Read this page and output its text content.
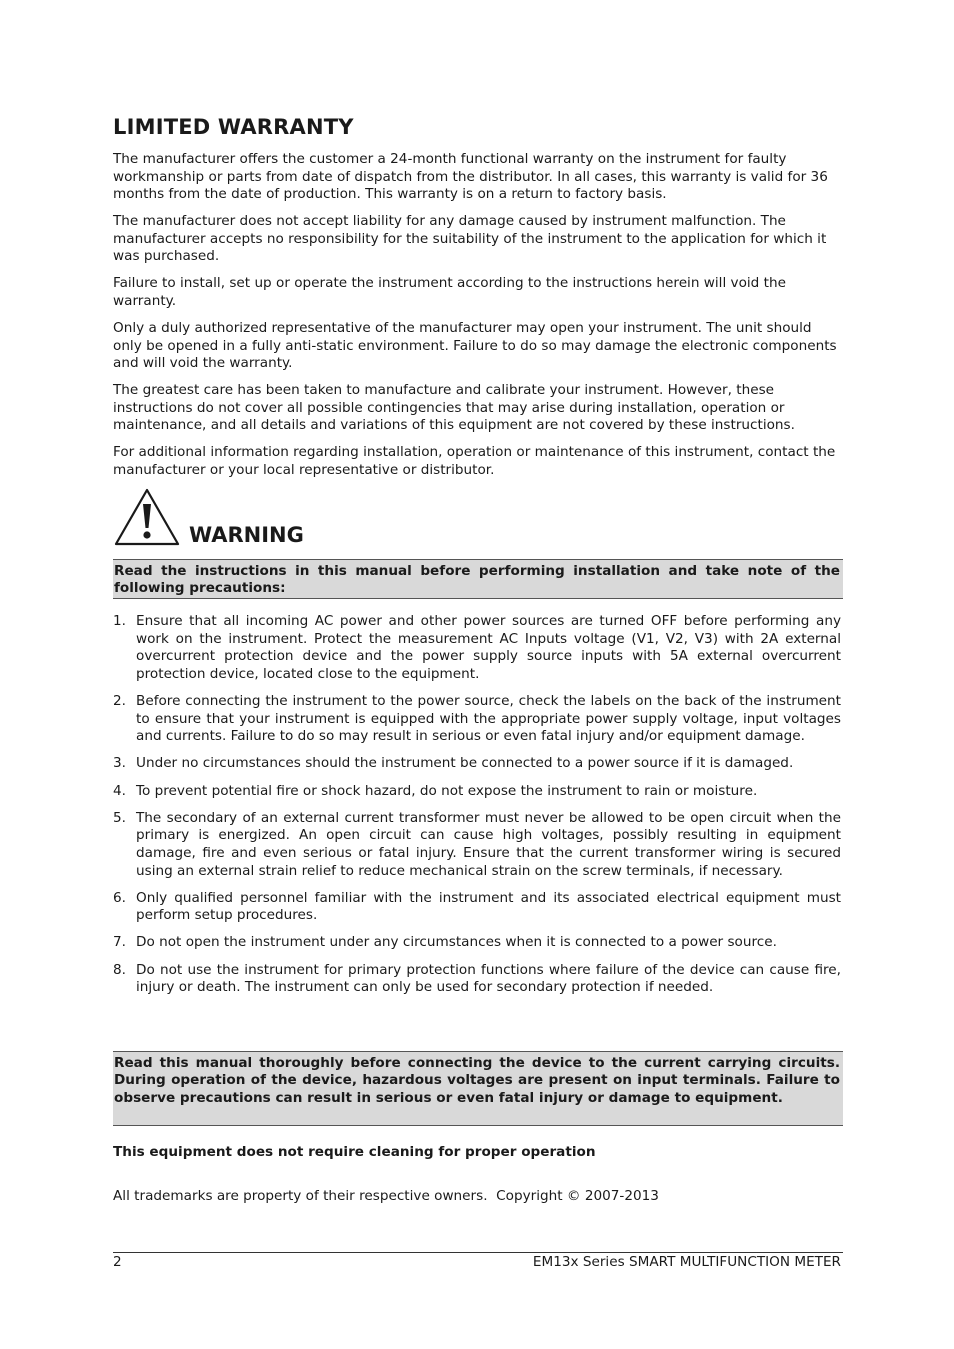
LIMITED WARRANTY

The manufacturer offers the customer a 24-month functional warranty on the instrument for faulty workmanship or parts from date of dispatch from the distributor. In all cases, this warranty is valid for 36 months from the date of production. This warranty is on a return to factory basis.

The manufacturer does not accept liability for any damage caused by instrument malfunction. The manufacturer accepts no responsibility for the suitability of the instrument to the application for which it was purchased.

Failure to install, set up or operate the instrument according to the instructions herein will void the warranty.

Only a duly authorized representative of the manufacturer may open your instrument. The unit should only be opened in a fully anti-static environment. Failure to do so may damage the electronic components and will void the warranty.

The greatest care has been taken to manufacture and calibrate your instrument. However, these instructions do not cover all possible contingencies that may arise during installation, operation or maintenance, and all details and variations of this equipment are not covered by these instructions.

For additional information regarding installation, operation or maintenance of this instrument, contact the manufacturer or your local representative or distributor.

WARNING
Read the instructions in this manual before performing installation and take note of the following precautions:
1. Ensure that all incoming AC power and other power sources are turned OFF before performing any work on the instrument. Protect the measurement AC Inputs voltage (V1, V2, V3) with 2A external overcurrent protection device and the power supply source inputs with 5A external overcurrent protection device, located close to the equipment.
2. Before connecting the instrument to the power source, check the labels on the back of the instrument to ensure that your instrument is equipped with the appropriate power supply voltage, input voltages and currents. Failure to do so may result in serious or even fatal injury and/or equipment damage.
3. Under no circumstances should the instrument be connected to a power source if it is damaged.
4. To prevent potential fire or shock hazard, do not expose the instrument to rain or moisture.
5. The secondary of an external current transformer must never be allowed to be open circuit when the primary is energized. An open circuit can cause high voltages, possibly resulting in equipment damage, fire and even serious or fatal injury. Ensure that the current transformer wiring is secured using an external strain relief to reduce mechanical strain on the screw terminals, if necessary.
6. Only qualified personnel familiar with the instrument and its associated electrical equipment must perform setup procedures.
7. Do not open the instrument under any circumstances when it is connected to a power source.
8. Do not use the instrument for primary protection functions where failure of the device can cause fire, injury or death. The instrument can only be used for secondary protection if needed.
Read this manual thoroughly before connecting the device to the current carrying circuits. During operation of the device, hazardous voltages are present on input terminals. Failure to observe precautions can result in serious or even fatal injury or damage to equipment.

This equipment does not require cleaning for proper operation

All trademarks are property of their respective owners.  Copyright © 2007-2013

2	EM13x Series SMART MULTIFUNCTION METER
